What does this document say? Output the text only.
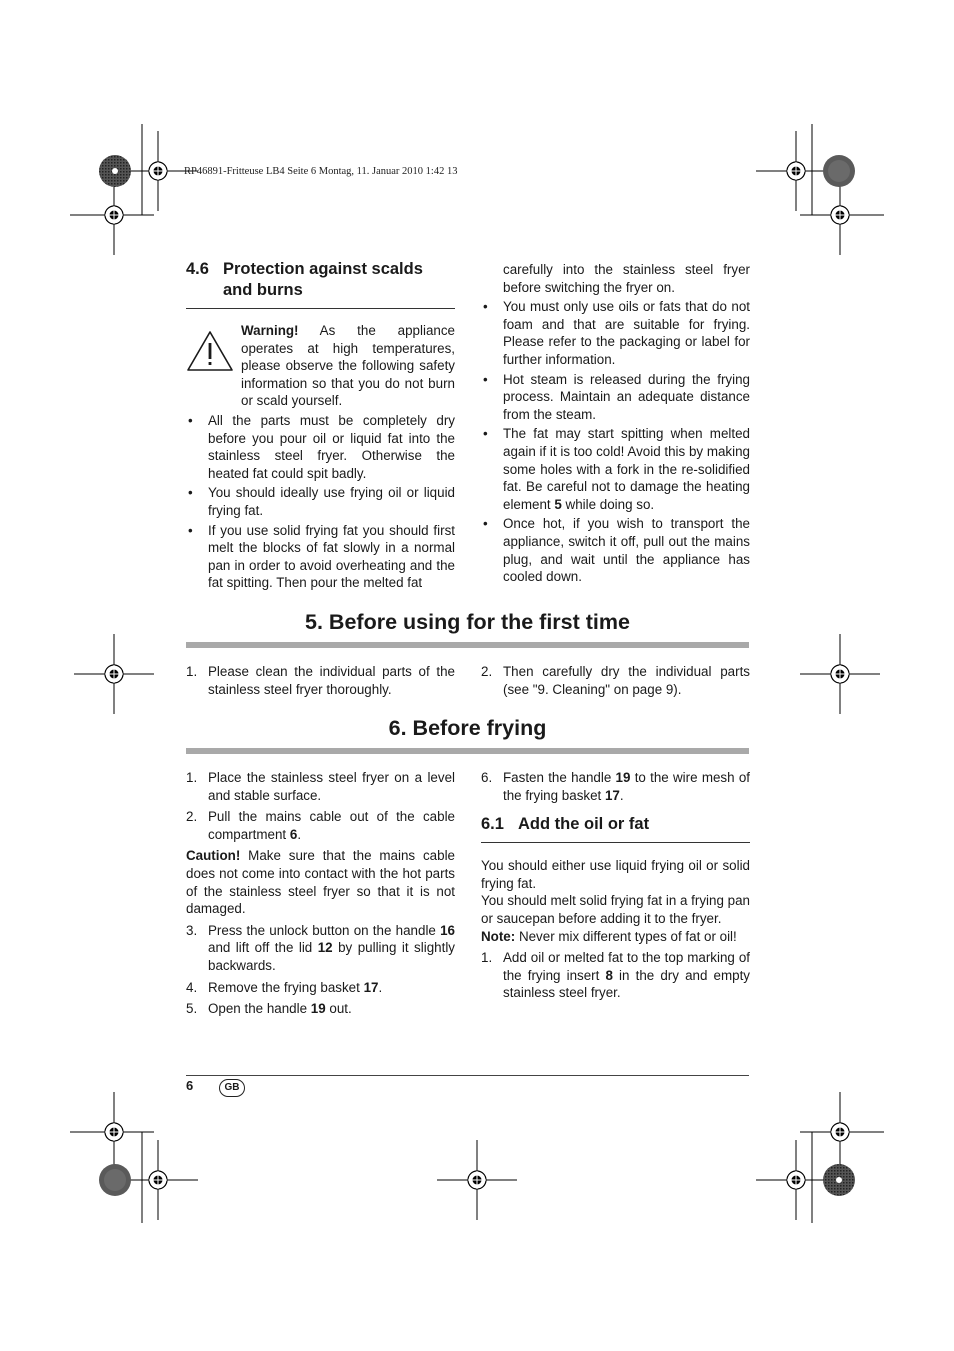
RP46891-Fritteuse LB4 Seite 6 Montag, 11. Januar 2010 1:42 13
4.6 Protection against scalds and burns
Warning! As the appliance operates at high temperatures, please observe the following safety information so that you do not burn or scald yourself.
• All the parts must be completely dry before you pour oil or liquid fat into the stainless steel fryer. Otherwise the heated fat could spit badly.
• You should ideally use frying oil or liquid frying fat.
• If you use solid frying fat you should first melt the blocks of fat slowly in a normal pan in order to avoid overheating and the fat spitting. Then pour the melted fat
carefully into the stainless steel fryer before switching the fryer on.
• You must only use oils or fats that do not foam and that are suitable for frying. Please refer to the packaging or label for further information.
• Hot steam is released during the frying process. Maintain an adequate distance from the steam.
• The fat may start spitting when melted again if it is too cold! Avoid this by making some holes with a fork in the re-solidified fat. Be careful not to damage the heating element 5 while doing so.
• Once hot, if you wish to transport the appliance, switch it off, pull out the mains plug, and wait until the appliance has cooled down.
5. Before using for the first time
1. Please clean the individual parts of the stainless steel fryer thoroughly.
2. Then carefully dry the individual parts (see "9. Cleaning" on page 9).
6. Before frying
1. Place the stainless steel fryer on a level and stable surface.
2. Pull the mains cable out of the cable compartment 6.

Caution! Make sure that the mains cable does not come into contact with the hot parts of the stainless steel fryer so that it is not damaged.

3. Press the unlock button on the handle 16 and lift off the lid 12 by pulling it slightly backwards.
4. Remove the frying basket 17.
5. Open the handle 19 out.
6. Fasten the handle 19 to the wire mesh of the frying basket 17.
6.1 Add the oil or fat

You should either use liquid frying oil or solid frying fat.

You should melt solid frying fat in a frying pan or saucepan before adding it to the fryer.

Note: Never mix different types of fat or oil!

1. Add oil or melted fat to the top marking of the frying insert 8 in the dry and empty stainless steel fryer.
6	GB
